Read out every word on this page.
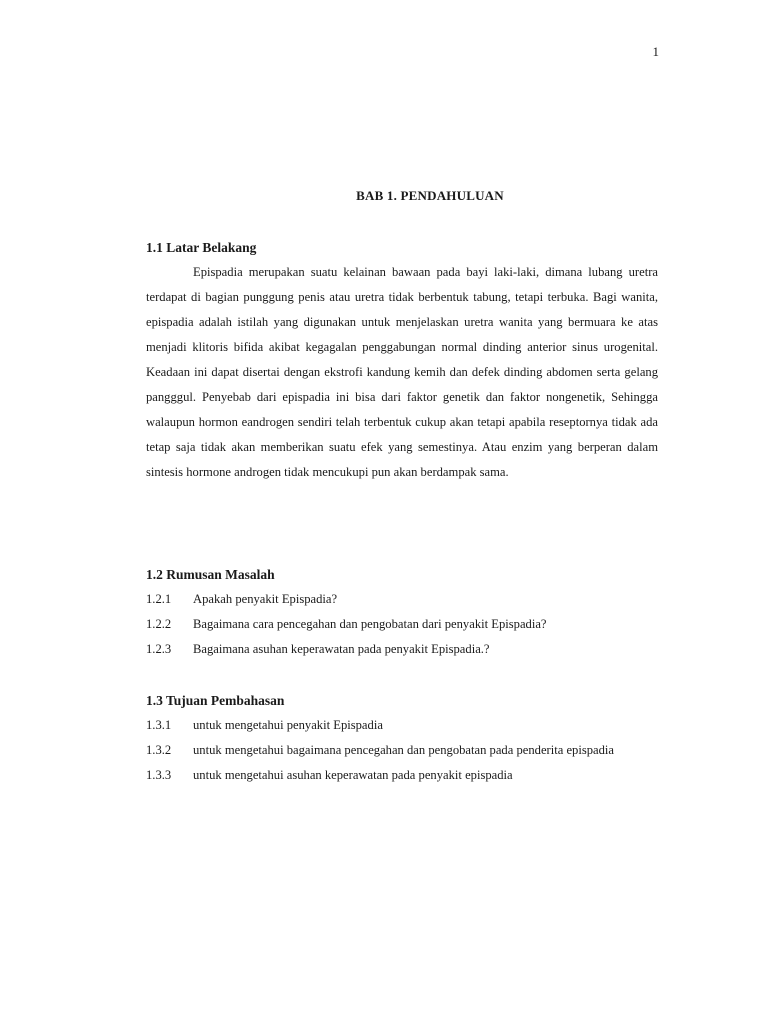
1
BAB 1. PENDAHULUAN
1.1 Latar Belakang

Epispadia merupakan suatu kelainan bawaan pada bayi laki-laki, dimana lubang uretra terdapat di bagian punggung penis atau uretra tidak berbentuk tabung, tetapi terbuka. Bagi wanita, epispadia adalah istilah yang digunakan untuk menjelaskan uretra wanita yang bermuara ke atas menjadi klitoris bifida akibat kegagalan penggabungan normal dinding anterior sinus urogenital. Keadaan ini dapat disertai dengan ekstrofi kandung kemih dan defek dinding abdomen serta gelang pangggul. Penyebab dari epispadia ini bisa dari faktor genetik dan faktor nongenetik, Sehingga walaupun hormon eandrogen sendiri telah terbentuk cukup akan tetapi apabila reseptornya tidak ada tetap saja tidak akan memberikan suatu efek yang semestinya. Atau enzim yang berperan dalam sintesis hormone androgen tidak mencukupi pun akan berdampak sama.

1.2 Rumusan Masalah
1.2.1	Apakah penyakit Epispadia?
1.2.2	Bagaimana cara pencegahan dan pengobatan dari penyakit Epispadia?
1.2.3	Bagaimana asuhan keperawatan pada penyakit Epispadia.?
1.3 Tujuan Pembahasan
1.3.1	untuk mengetahui penyakit Epispadia
1.3.2	untuk mengetahui bagaimana pencegahan dan pengobatan pada penderita epispadia
1.3.3	untuk mengetahui asuhan keperawatan pada penyakit epispadia
